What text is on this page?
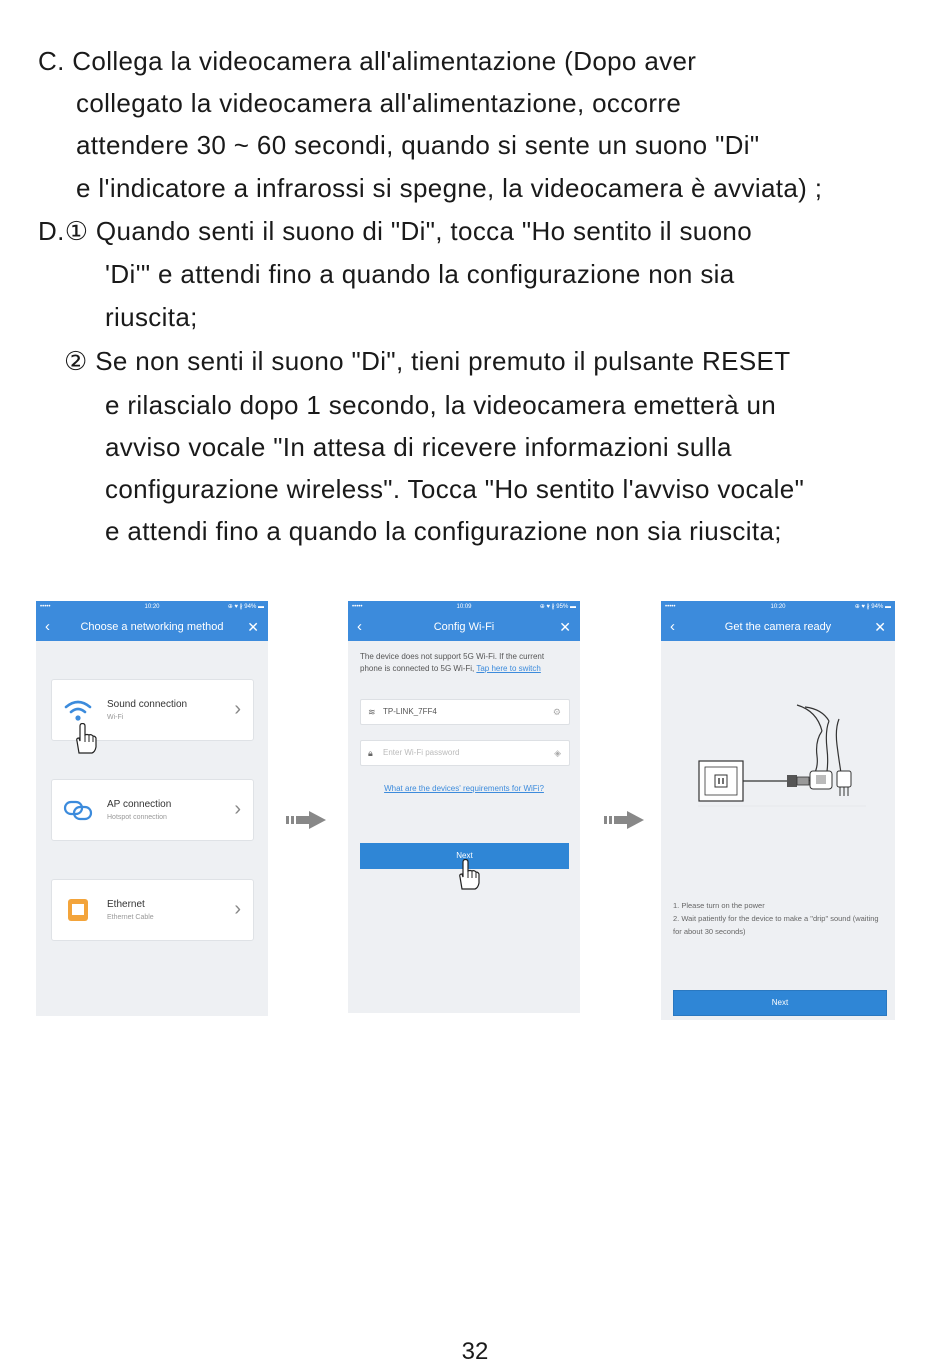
C. Collega la videocamera all'alimentazione (Dopo aver
collegato la videocamera all'alimentazione, occorre
attendere 30 ~ 60 secondi, quando si sente un suono "Di"
e l'indicatore a infrarossi si spegne, la videocamera è avviata) ;
D.① Quando senti il suono di "Di", tocca "Ho sentito il suono
'Di'" e attendi fino a quando la configurazione non sia
riuscita;
② Se non senti il suono "Di", tieni premuto il pulsante RESET
e rilascialo dopo 1 secondo, la videocamera emetterà un
avviso vocale "In attesa di ricevere informazioni sulla
configurazione wireless". Tocca "Ho sentito l'avviso vocale"
e attendi fino a quando la configurazione non sia riuscita;
•••••	10:20	⊕ ♥ ∦ 94% ▬
‹	Choose a networking method ✕
Sound connection
Wi-Fi	›
AP connection
Hotspot connection	›
Ethernet
Ethernet Cable	›
•••••	10:09	⊕ ♥ ∦ 95% ▬
‹	Config Wi-Fi	✕
The device does not support 5G Wi-Fi. If the current phone is connected to 5G Wi-Fi, Tap here to switch
≋ TP-LINK_7FF4	⚙
🔒︎ Enter Wi-Fi password	◈
What are the devices' requirements for WiFi?
Next
•••••	10:20	⊕ ♥ ∦ 94% ▬
‹	Get the camera ready	✕
1. Please turn on the power
2. Wait patiently for the device to make a "drip" sound (waiting for about 30 seconds)
Next
32
